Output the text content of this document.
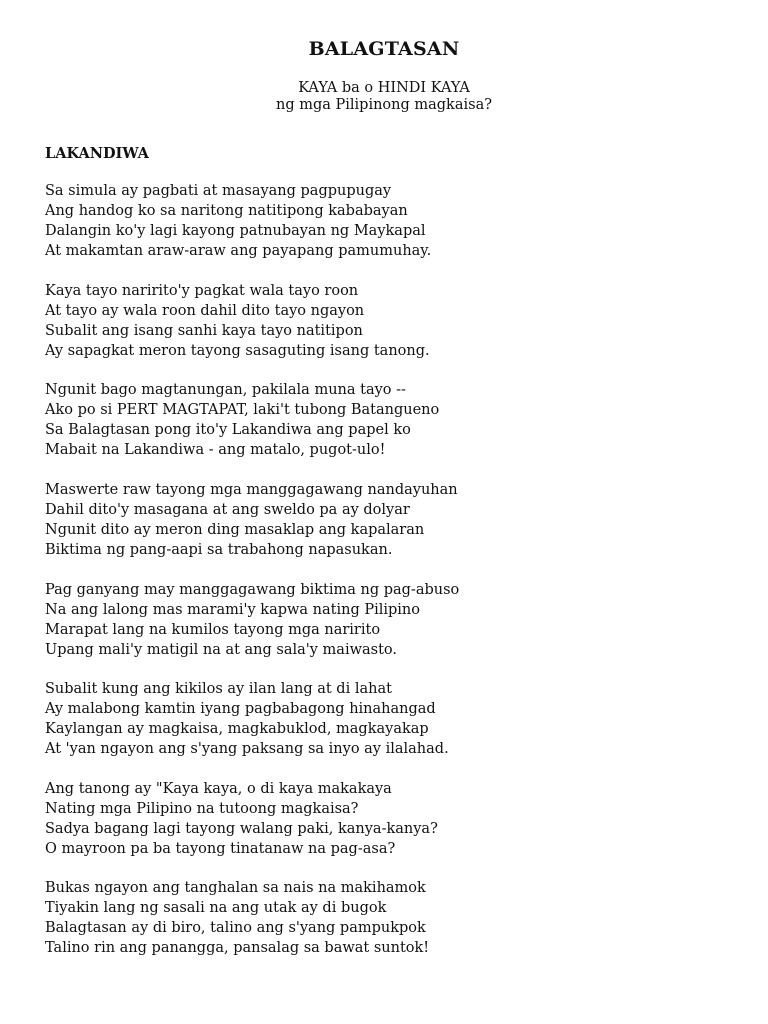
BALAGTASAN
KAYA ba o HINDI KAYA
ng mga Pilipinong magkaisa?
LAKANDIWA
Sa simula ay pagbati at masayang pagpupugay
Ang handog ko sa naritong natitipong kababayan
Dalangin ko'y lagi kayong patnubayan ng Maykapal
At makamtan araw-araw ang payapang pamumuhay.
Kaya tayo naririto'y pagkat wala tayo roon
At tayo ay wala roon dahil dito tayo ngayon
Subalit ang isang sanhi kaya tayo natitipon
Ay sapagkat meron tayong sasaguting isang tanong.
Ngunit bago magtanungan, pakilala muna tayo --
Ako po si PERT MAGTAPAT, laki't tubong Batangueno
Sa Balagtasan pong ito'y Lakandiwa ang papel ko
Mabait na Lakandiwa - ang matalo, pugot-ulo!
Maswerte raw tayong mga manggagawang nandayuhan
Dahil dito'y masagana at ang sweldo pa ay dolyar
Ngunit dito ay meron ding masaklap ang kapalaran
Biktima ng pang-aapi sa trabahong napasukan.
Pag ganyang may manggagawang biktima ng pag-abuso
Na ang lalong mas marami'y kapwa nating Pilipino
Marapat lang na kumilos tayong mga naririto
Upang mali'y matigil na at ang sala'y maiwasto.
Subalit kung ang kikilos ay ilan lang at di lahat
Ay malabong kamtin iyang pagbabagong hinahangad
Kaylangan ay magkaisa, magkabuklod, magkayakap
At 'yan ngayon ang s'yang paksang sa inyo ay ilalahad.
Ang tanong ay "Kaya kaya, o di kaya makakaya
Nating mga Pilipino na tutoong magkaisa?
Sadya bagang lagi tayong walang paki, kanya-kanya?
O mayroon pa ba tayong tinatanaw na pag-asa?
Bukas ngayon ang tanghalan sa nais na makihamok
Tiyakin lang ng sasali na ang utak ay di bugok
Balagtasan ay di biro, talino ang s'yang pampukpok
Talino rin ang panangga, pansalag sa bawat suntok!
